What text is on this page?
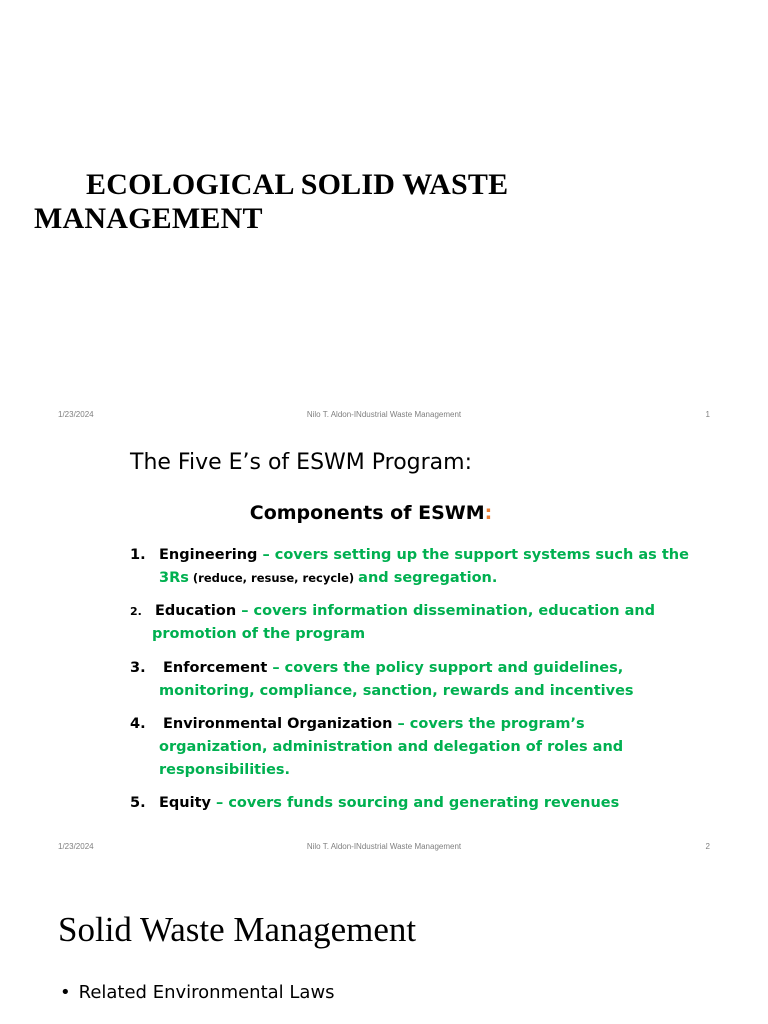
ECOLOGICAL SOLID WASTE
MANAGEMENT
1/23/2024	Nilo T. Aldon-INdustrial Waste Management	1
The Five E’s of ESWM Program:
Components of ESWM:
1. Engineering – covers setting up the support systems such as the
3Rs (reduce, resuse, recycle) and segregation.
2. Education – covers information dissemination, education and
promotion of the program
3. Enforcement – covers the policy support and guidelines,
monitoring, compliance, sanction, rewards and incentives
4. Environmental Organization – covers the program’s
organization, administration and delegation of roles and
responsibilities.
5. Equity – covers funds sourcing and generating revenues
1/23/2024	Nilo T. Aldon-INdustrial Waste Management	2
Solid Waste Management
• Related Environmental Laws
